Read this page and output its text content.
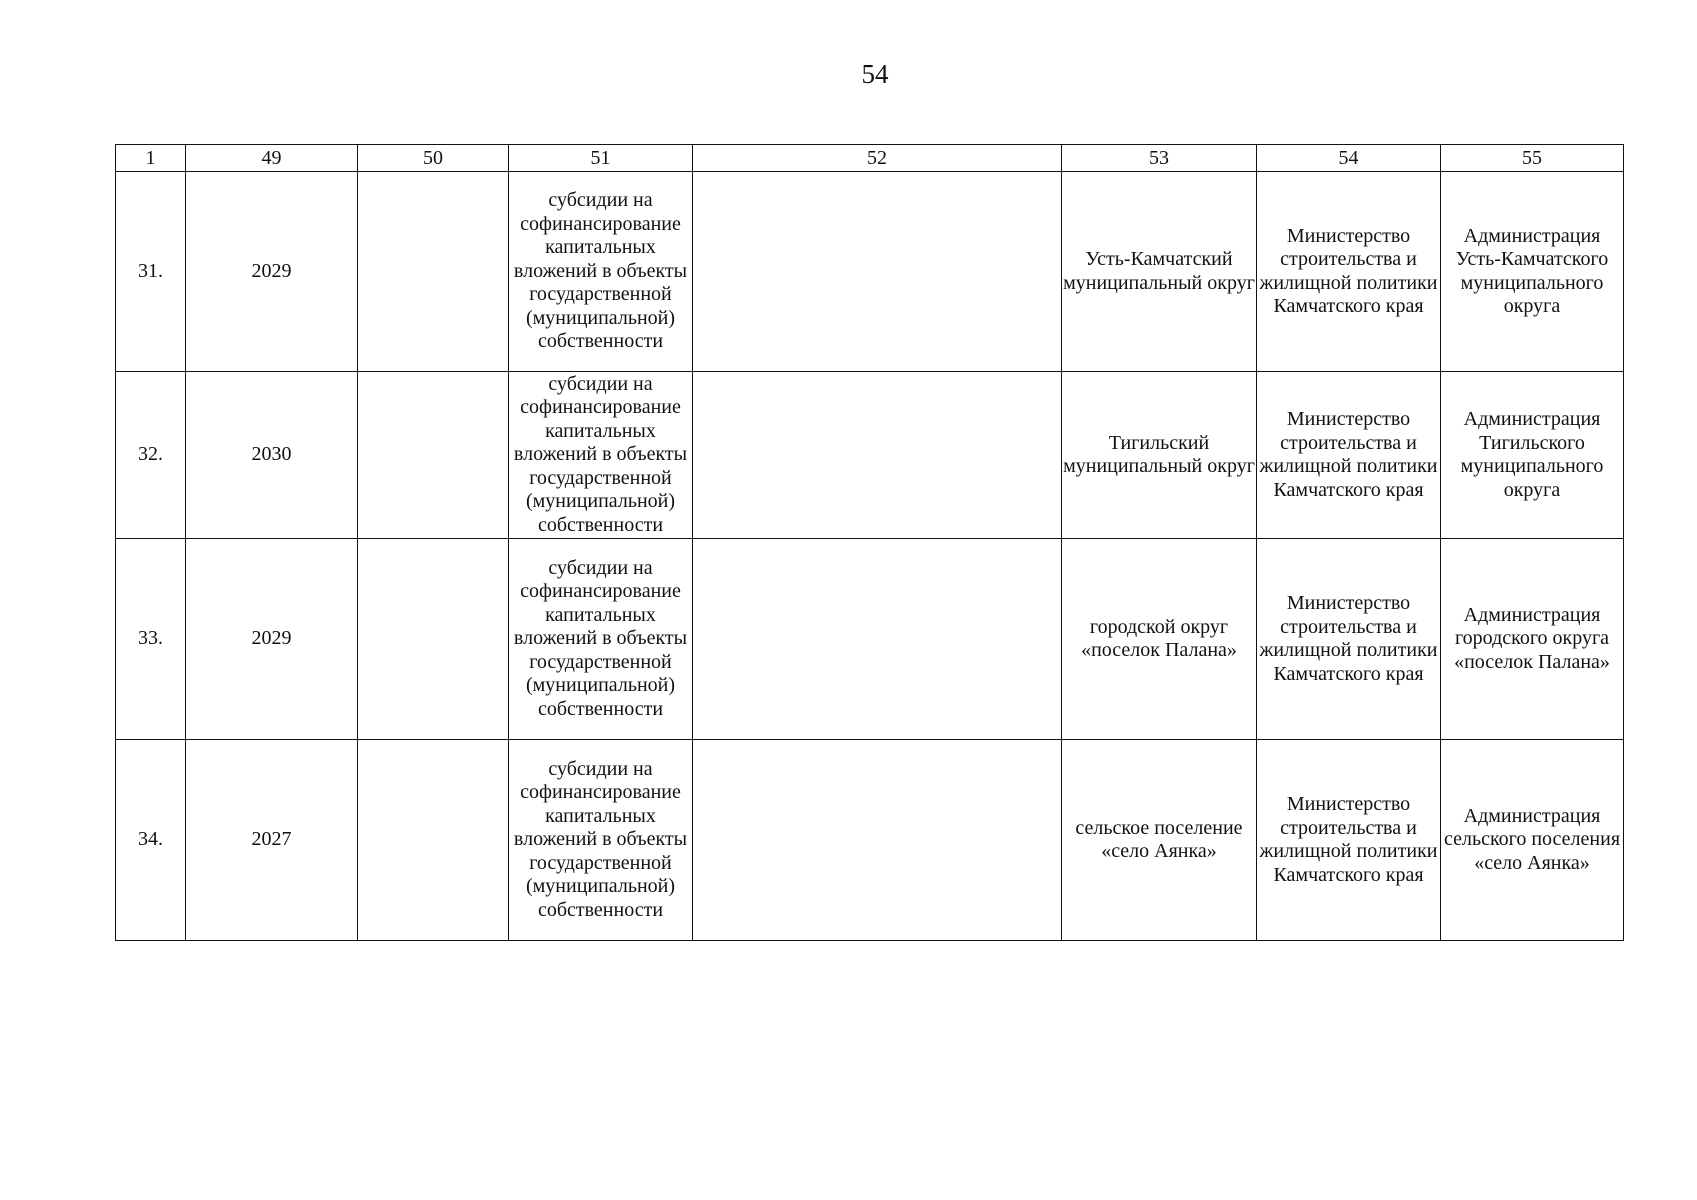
54
1	49	50	51	52	53	54	55
31.	2029		субсидии на софинансирование капитальных вложений в объекты государственной (муниципальной) собственности		Усть-Камчатский муниципальный округ	Министерство строительства и жилищной политики Камчатского края	Администрация Усть-Камчатского муниципального округа
32.	2030		субсидии на софинансирование капитальных вложений в объекты государственной (муниципальной) собственности		Тигильский муниципальный округ	Министерство строительства и жилищной политики Камчатского края	Администрация Тигильского муниципального округа
33.	2029		субсидии на софинансирование капитальных вложений в объекты государственной (муниципальной) собственности		городской округ «поселок Палана»	Министерство строительства и жилищной политики Камчатского края	Администрация городского округа «поселок Палана»
34.	2027		субсидии на софинансирование капитальных вложений в объекты государственной (муниципальной) собственности		сельское поселение «село Аянка»	Министерство строительства и жилищной политики Камчатского края	Администрация сельского поселения «село Аянка»
